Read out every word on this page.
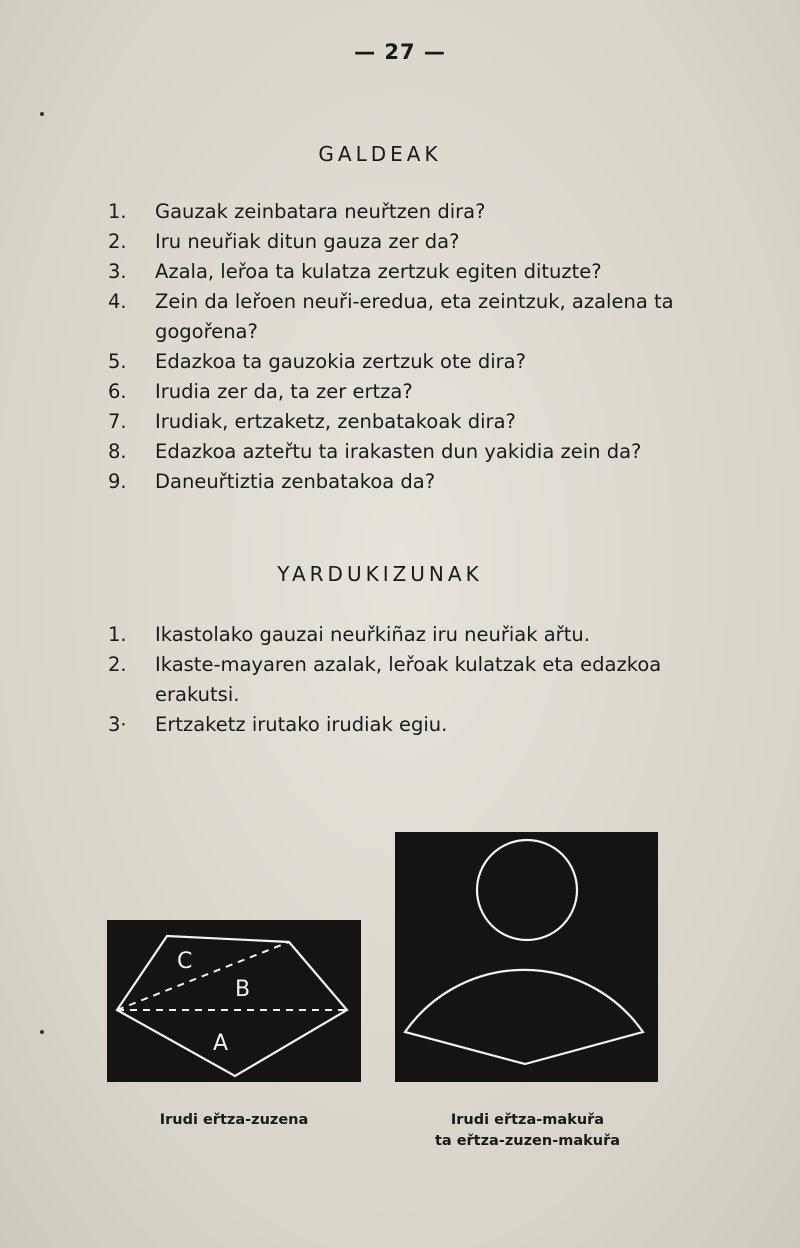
— 27 —
GALDEAK
1. Gauzak zeinbatara neuřtzen dira?
2. Iru neuřiak ditun gauza zer da?
3. Azala, leřoa ta kulatza zertzuk egiten dituzte?
4. Zein da leřoen neuři-eredua, eta zeintzuk, azalena ta gogořena?
5. Edazkoa ta gauzokia zertzuk ote dira?
6. Irudia zer da, ta zer ertza?
7. Irudiak, ertzaketz, zenbatakoak dira?
8. Edazkoa azteřtu ta irakasten dun yakidia zein da?
9. Daneuřtiztia zenbatakoa da?
YARDUKIZUNAK
1. Ikastolako gauzai neuřkiñaz iru neuřiak ařtu.
2. Ikaste-mayaren azalak, leřoak kulatzak eta edazkoa erakutsi.
3· Ertzaketz irutako irudiak egiu.
C
B
A
Irudi eřtza-zuzena	Irudi eřtza-makuřa
ta eřtza-zuzen-makuřa
